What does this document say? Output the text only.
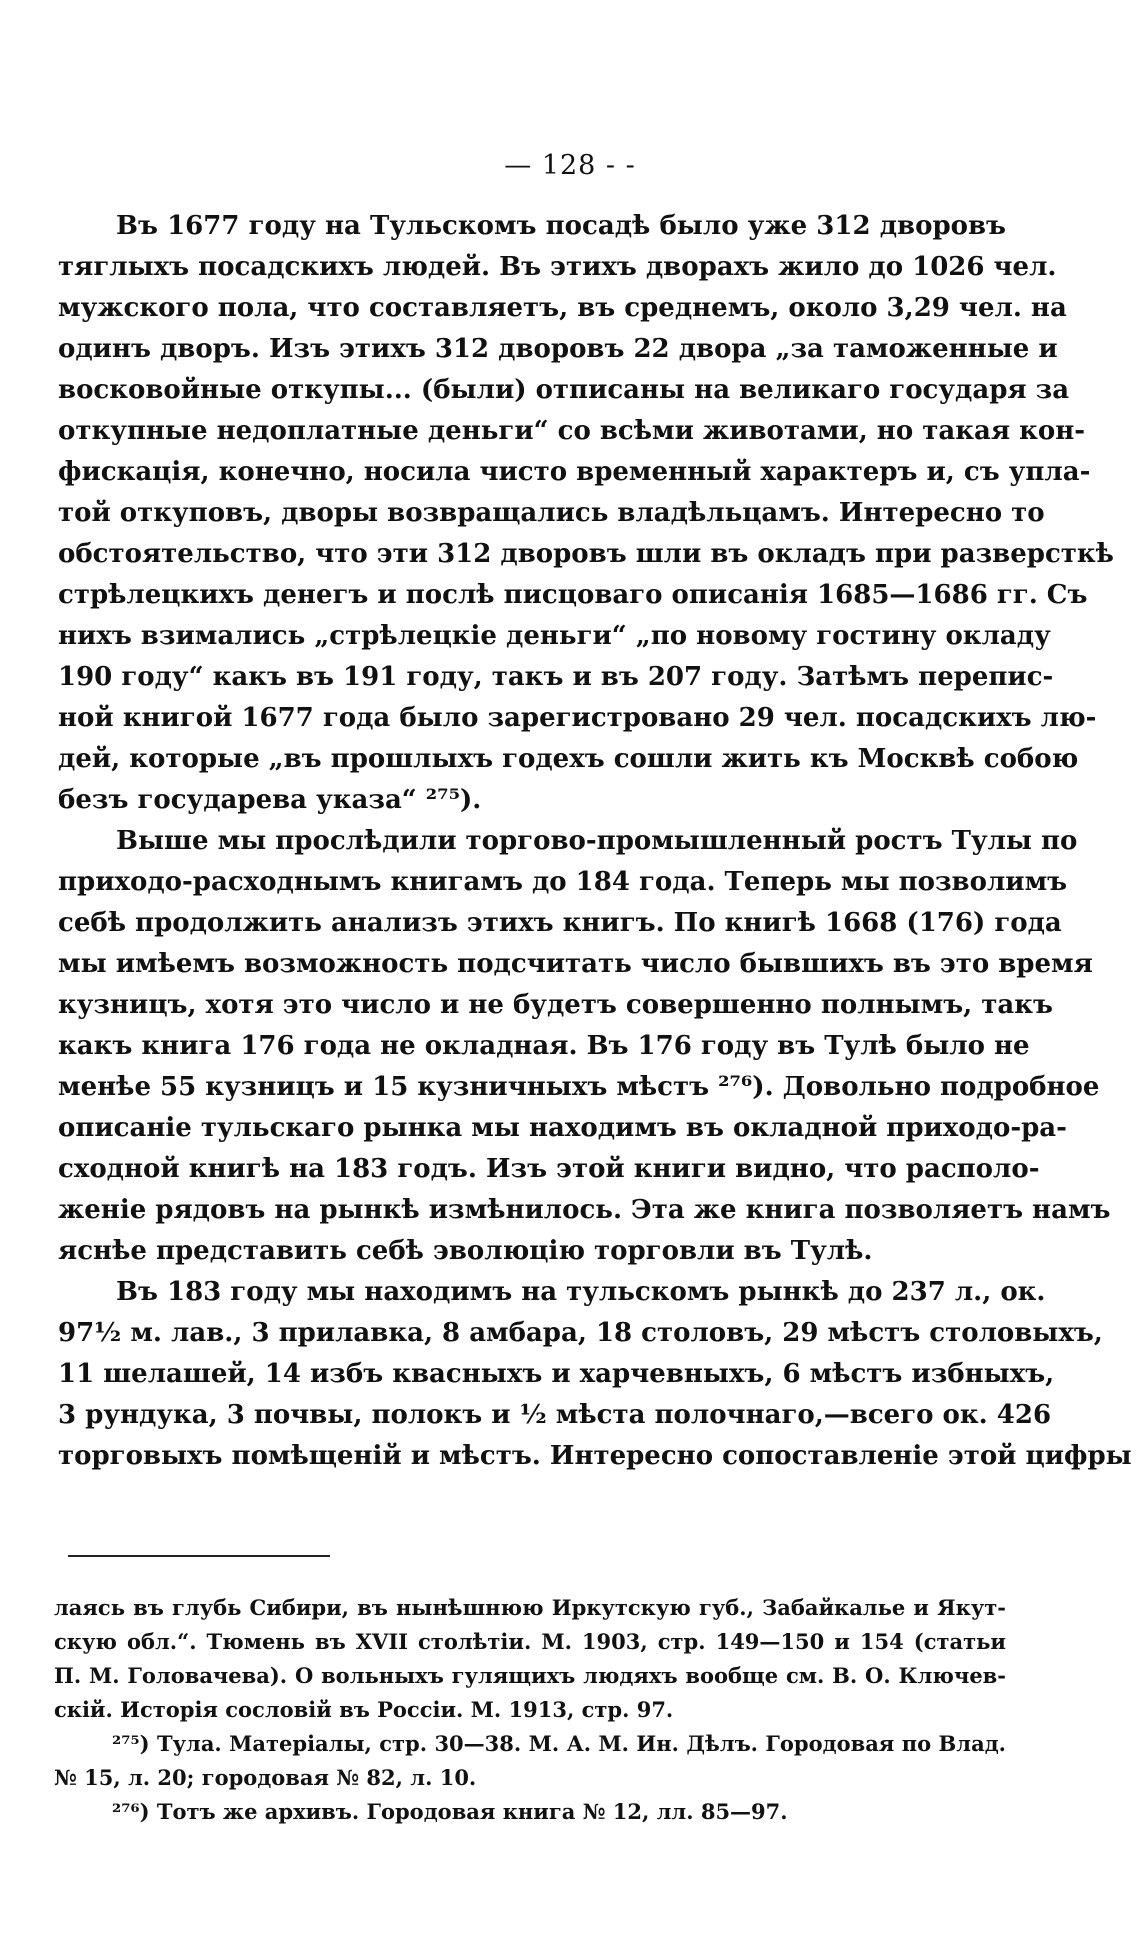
— 128 - -
Въ 1677 году на Тульскомъ посадѣ было уже 312 дворовъ
тяглыхъ посадскихъ людей. Въ этихъ дворахъ жило до 1026 чел.
мужского пола, что составляетъ, въ среднемъ, около 3,29 чел. на
одинъ дворъ. Изъ этихъ 312 дворовъ 22 двора „за таможенные и
восковойные откупы... (были) отписаны на великаго государя за
откупные недоплатные деньги“ со всѣми животами, но такая кон-
фискація, конечно, носила чисто временный характеръ и, съ упла-
той откуповъ, дворы возвращались владѣльцамъ. Интересно то
обстоятельство, что эти 312 дворовъ шли въ окладъ при разверсткѣ
стрѣлецкихъ денегъ и послѣ писцоваго описанія 1685—1686 гг. Съ
нихъ взимались „стрѣлецкіе деньги“ „по новому гостину окладу
190 году“ какъ въ 191 году, такъ и въ 207 году. Затѣмъ перепис-
ной книгой 1677 года было зарегистровано 29 чел. посадскихъ лю-
дей, которые „въ прошлыхъ годехъ сошли жить къ Москвѣ собою
безъ государева указа“ ²⁷⁵).
Выше мы прослѣдили торгово-промышленный ростъ Тулы по
приходо-расходнымъ книгамъ до 184 года. Теперь мы позволимъ
себѣ продолжить анализъ этихъ книгъ. По книгѣ 1668 (176) года
мы имѣемъ возможность подсчитать число бывшихъ въ это время
кузницъ, хотя это число и не будетъ совершенно полнымъ, такъ
какъ книга 176 года не окладная. Въ 176 году въ Тулѣ было не
менѣе 55 кузницъ и 15 кузничныхъ мѣстъ ²⁷⁶). Довольно подробное
описаніе тульскаго рынка мы находимъ въ окладной приходо-ра-
сходной книгѣ на 183 годъ. Изъ этой книги видно, что располо-
женіе рядовъ на рынкѣ измѣнилось. Эта же книга позволяетъ намъ
яснѣе представить себѣ эволюцію торговли въ Тулѣ.
Въ 183 году мы находимъ на тульскомъ рынкѣ до 237 л., ок.
97½ м. лав., 3 прилавка, 8 амбара, 18 столовъ, 29 мѣстъ столовыхъ,
11 шелашей, 14 избъ квасныхъ и харчевныхъ, 6 мѣстъ избныхъ,
3 рундука, 3 почвы, полокъ и ½ мѣста полочнаго,—всего ок. 426
торговыхъ помѣщеній и мѣстъ. Интересно сопоставленіе этой цифры
лаясь въ глубь Сибири, въ нынѣшнюю Иркутскую губ., Забайкалье и Якут-
скую обл.“. Тюмень въ XVII столѣтіи. М. 1903, стр. 149—150 и 154 (статьи
П. М. Головачева). О вольныхъ гулящихъ людяхъ вообще см. В. О. Ключев-
скій. Исторія сословій въ Россіи. М. 1913, стр. 97.
²⁷⁵) Тула. Матеріалы, стр. 30—38. М. А. М. Ин. Дѣлъ. Городовая по Влад.
№ 15, л. 20; городовая № 82, л. 10.
²⁷⁶) Тотъ же архивъ. Городовая книга № 12, лл. 85—97.
